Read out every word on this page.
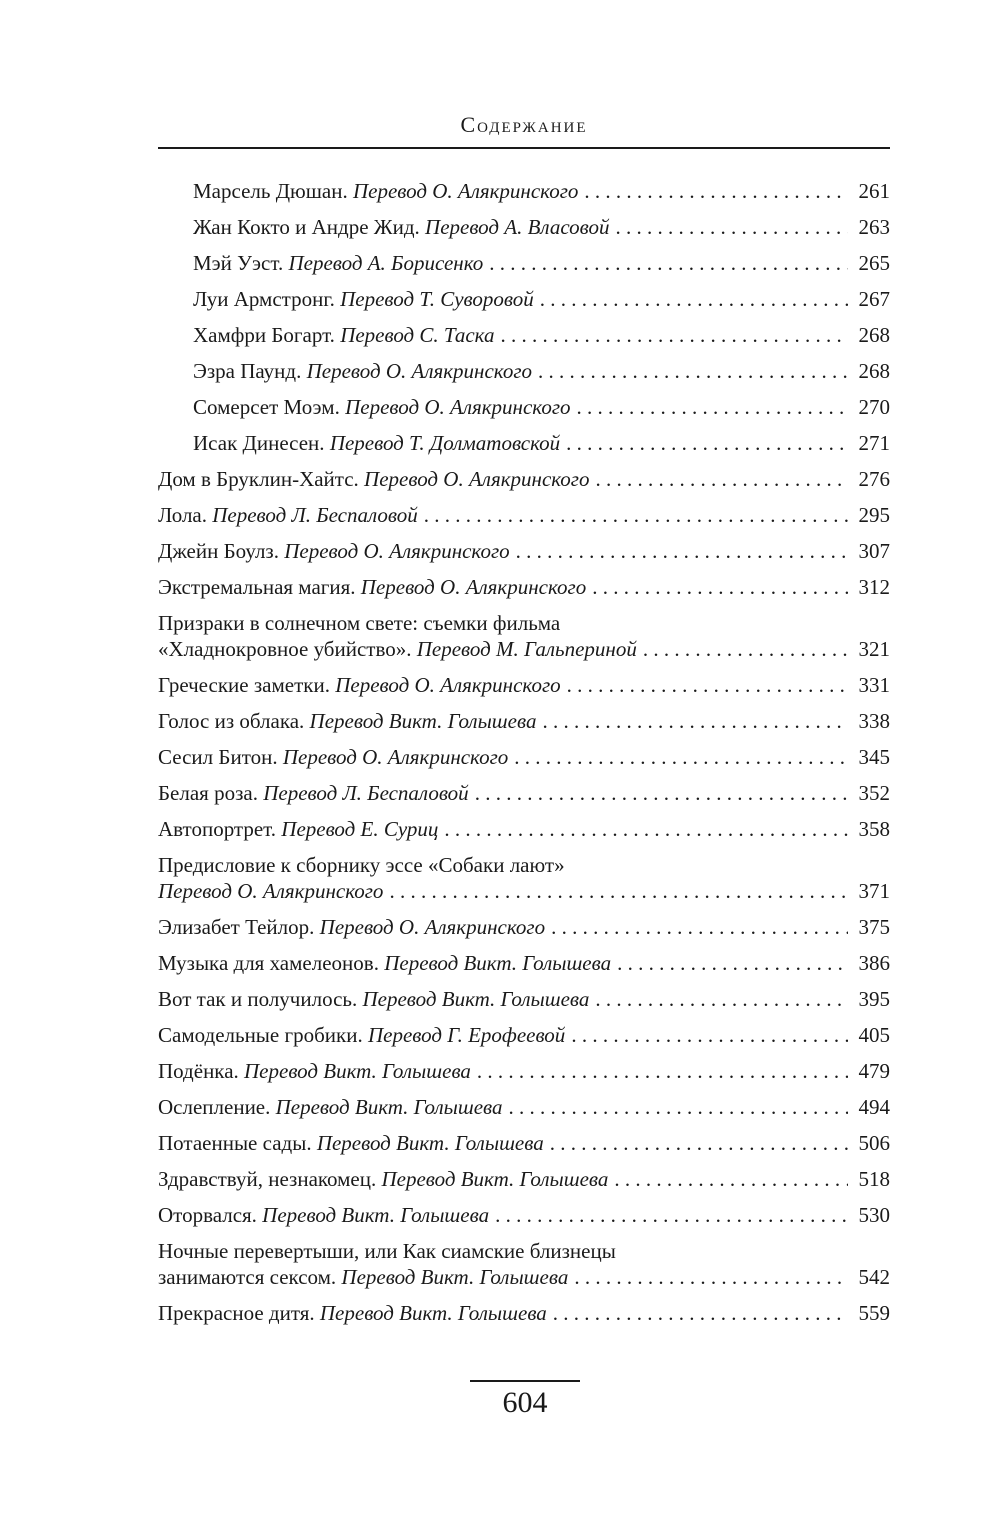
Содержание
Марсель Дюшан. Перевод О. Алякринского . . .	261
Жан Кокто и Андре Жид. Перевод А. Власовой . . .	263
Мэй Уэст. Перевод А. Борисенко . . .	265
Луи Армстронг. Перевод Т. Суворовой . . .	267
Хамфри Богарт. Перевод С. Таска . . .	268
Эзра Паунд. Перевод О. Алякринского . . .	268
Сомерсет Моэм. Перевод О. Алякринского . . .	270
Исак Динесен. Перевод Т. Долматовской . . .	271
Дом в Бруклин-Хайтс. Перевод О. Алякринского . . .	276
Лола. Перевод Л. Беспаловой . . .	295
Джейн Боулз. Перевод О. Алякринского . . .	307
Экстремальная магия. Перевод О. Алякринского . . .	312
Призраки в солнечном свете: съемки фильма
«Хладнокровное убийство». Перевод М. Гальпериной . . .	321
Греческие заметки. Перевод О. Алякринского . . .	331
Голос из облака. Перевод Викт. Голышева . . .	338
Сесил Битон. Перевод О. Алякринского . . .	345
Белая роза. Перевод Л. Беспаловой . . .	352
Автопортрет. Перевод Е. Суриц . . .	358
Предисловие к сборнику эссе «Собаки лают»
Перевод О. Алякринского . . .	371
Элизабет Тейлор. Перевод О. Алякринского . . .	375
Музыка для хамелеонов. Перевод Викт. Голышева . . .	386
Вот так и получилось. Перевод Викт. Голышева . . .	395
Самодельные гробики. Перевод Г. Ерофеевой . . .	405
Подёнка. Перевод Викт. Голышева . . .	479
Ослепление. Перевод Викт. Голышева . . .	494
Потаенные сады. Перевод Викт. Голышева . . .	506
Здравствуй, незнакомец. Перевод Викт. Голышева . . .	518
Оторвался. Перевод Викт. Голышева . . .	530
Ночные перевертыши, или Как сиамские близнецы
занимаются сексом. Перевод Викт. Голышева . . .	542
Прекрасное дитя. Перевод Викт. Голышева . . .	559
604
